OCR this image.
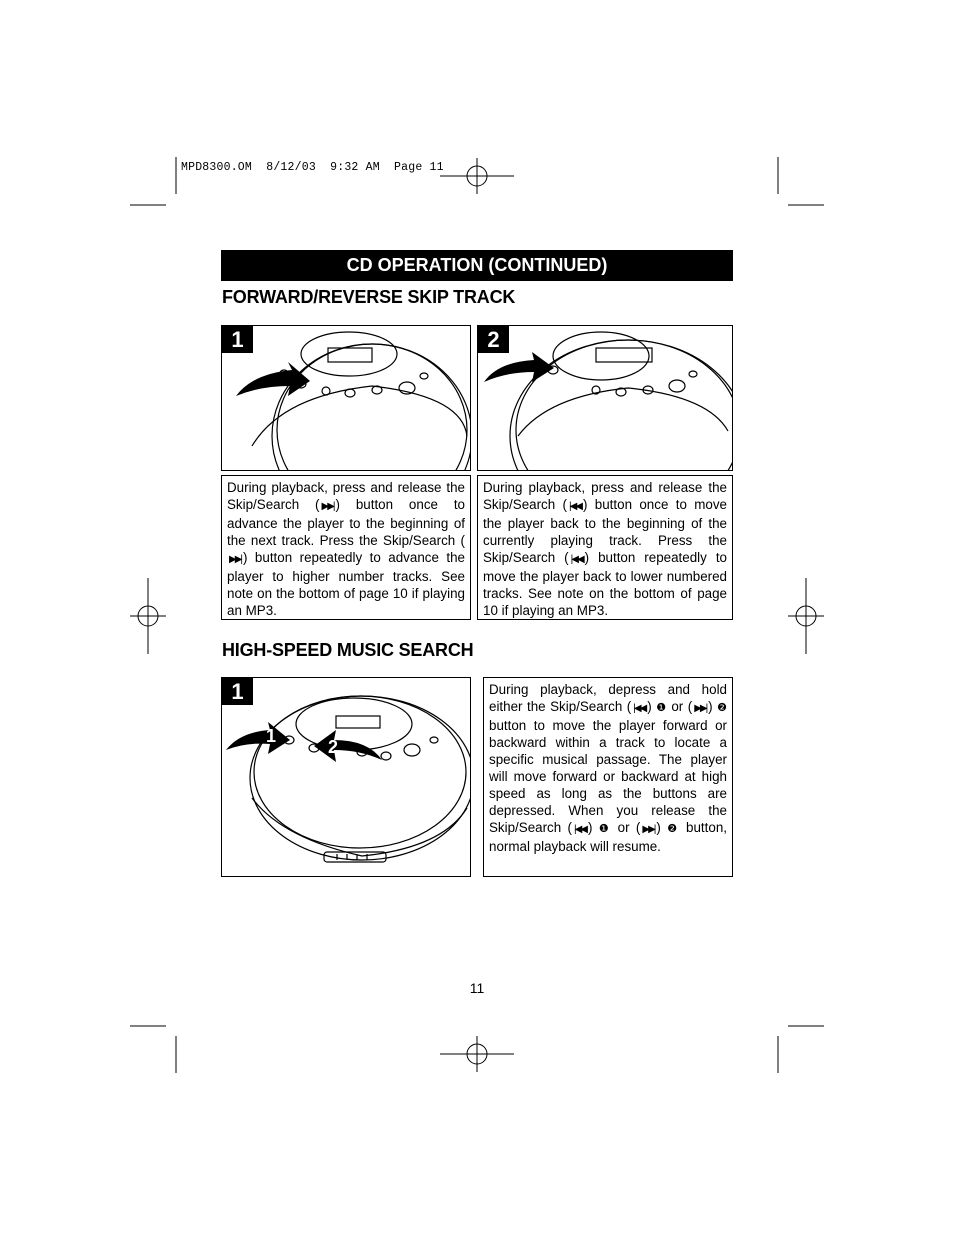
MPD8300.OM  8/12/03  9:32 AM  Page 11
CD OPERATION (CONTINUED)
FORWARD/REVERSE SKIP TRACK
1	2
During playback, press and release the Skip/Search ( ▶▶| ) button once to advance the player to the beginning of the next track. Press the Skip/Search (▶▶| ) button repeatedly to advance the player to higher number tracks. See note on the bottom of page 10 if playing an MP3.
During playback, press and release the Skip/Search ( |◀◀ ) button once to move the player back to the beginning of the currently playing track. Press the Skip/Search ( |◀◀ ) button repeatedly to move the player back to lower numbered tracks. See note on the bottom of page 10 if playing an MP3.
HIGH-SPEED MUSIC SEARCH
1
1
2
During playback, depress and hold either the Skip/Search ( |◀◀ ) ❶ or ( ▶▶| ) ❷ button to move the player forward or backward within a track to locate a specific musical passage. The player will move forward or backward at high speed as long as the buttons are depressed. When you release the Skip/Search ( |◀◀ ) ❶ or ( ▶▶| ) ❷ button, normal playback will resume.
11
